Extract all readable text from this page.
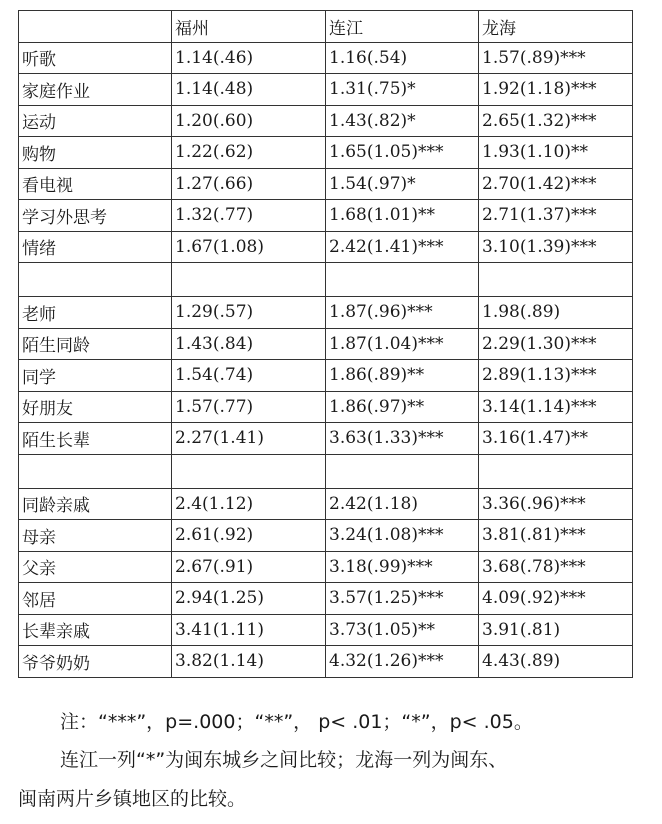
	福州	连江	龙海
听歌	1.14(.46)	1.16(.54)	1.57(.89)***
家庭作业	1.14(.48)	1.31(.75)*	1.92(1.18)***
运动	1.20(.60)	1.43(.82)*	2.65(1.32)***
购物	1.22(.62)	1.65(1.05)***	1.93(1.10)**
看电视	1.27(.66)	1.54(.97)*	2.70(1.42)***
学习外思考	1.32(.77)	1.68(1.01)**	2.71(1.37)***
情绪	1.67(1.08)	2.42(1.41)***	3.10(1.39)***

老师	1.29(.57)	1.87(.96)***	1.98(.89)
陌生同龄	1.43(.84)	1.87(1.04)***	2.29(1.30)***
同学	1.54(.74)	1.86(.89)**	2.89(1.13)***
好朋友	1.57(.77)	1.86(.97)**	3.14(1.14)***
陌生长辈	2.27(1.41)	3.63(1.33)***	3.16(1.47)**

同龄亲戚	2.4(1.12)	2.42(1.18)	3.36(.96)***
母亲	2.61(.92)	3.24(1.08)***	3.81(.81)***
父亲	2.67(.91)	3.18(.99)***	3.68(.78)***
邻居	2.94(1.25)	3.57(1.25)***	4.09(.92)***
长辈亲戚	3.41(1.11)	3.73(1.05)**	3.91(.81)
爷爷奶奶	3.82(1.14)	4.32(1.26)***	4.43(.89)
注：“***”，p=.000；“**”， p< .01；“*”，p< .05。
连江一列“*”为闽东城乡之间比较；龙海一列为闽东、
闽南两片乡镇地区的比较。
